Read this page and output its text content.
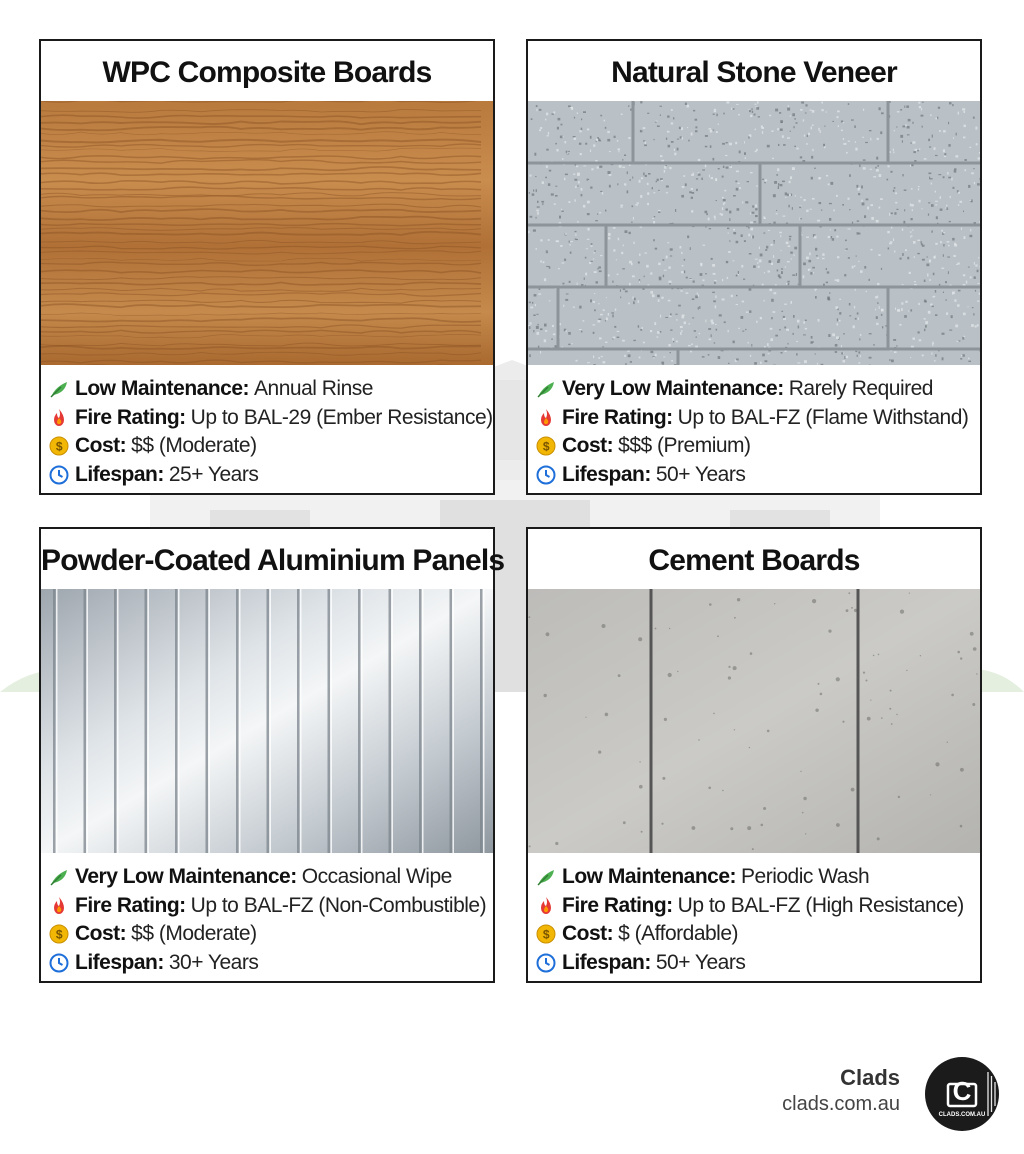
WPC Composite Boards
Low Maintenance: Annual Rinse
Fire Rating: Up to BAL-29 (Ember Resistance)
$ Cost: $$ (Moderate)
Lifespan: 25+ Years
Natural Stone Veneer
Very Low Maintenance: Rarely Required
Fire Rating: Up to BAL-FZ (Flame Withstand)
$ Cost: $$$ (Premium)
Lifespan: 50+ Years
Powder-Coated Aluminium Panels
Very Low Maintenance: Occasional Wipe
Fire Rating: Up to BAL-FZ (Non-Combustible)
$ Cost: $$ (Moderate)
Lifespan: 30+ Years
Cement Boards
Low Maintenance: Periodic Wash
Fire Rating: Up to BAL-FZ (High Resistance)
$ Cost: $ (Affordable)
Lifespan: 50+ Years
Clads
clads.com.au C
CLADS.COM.AU
